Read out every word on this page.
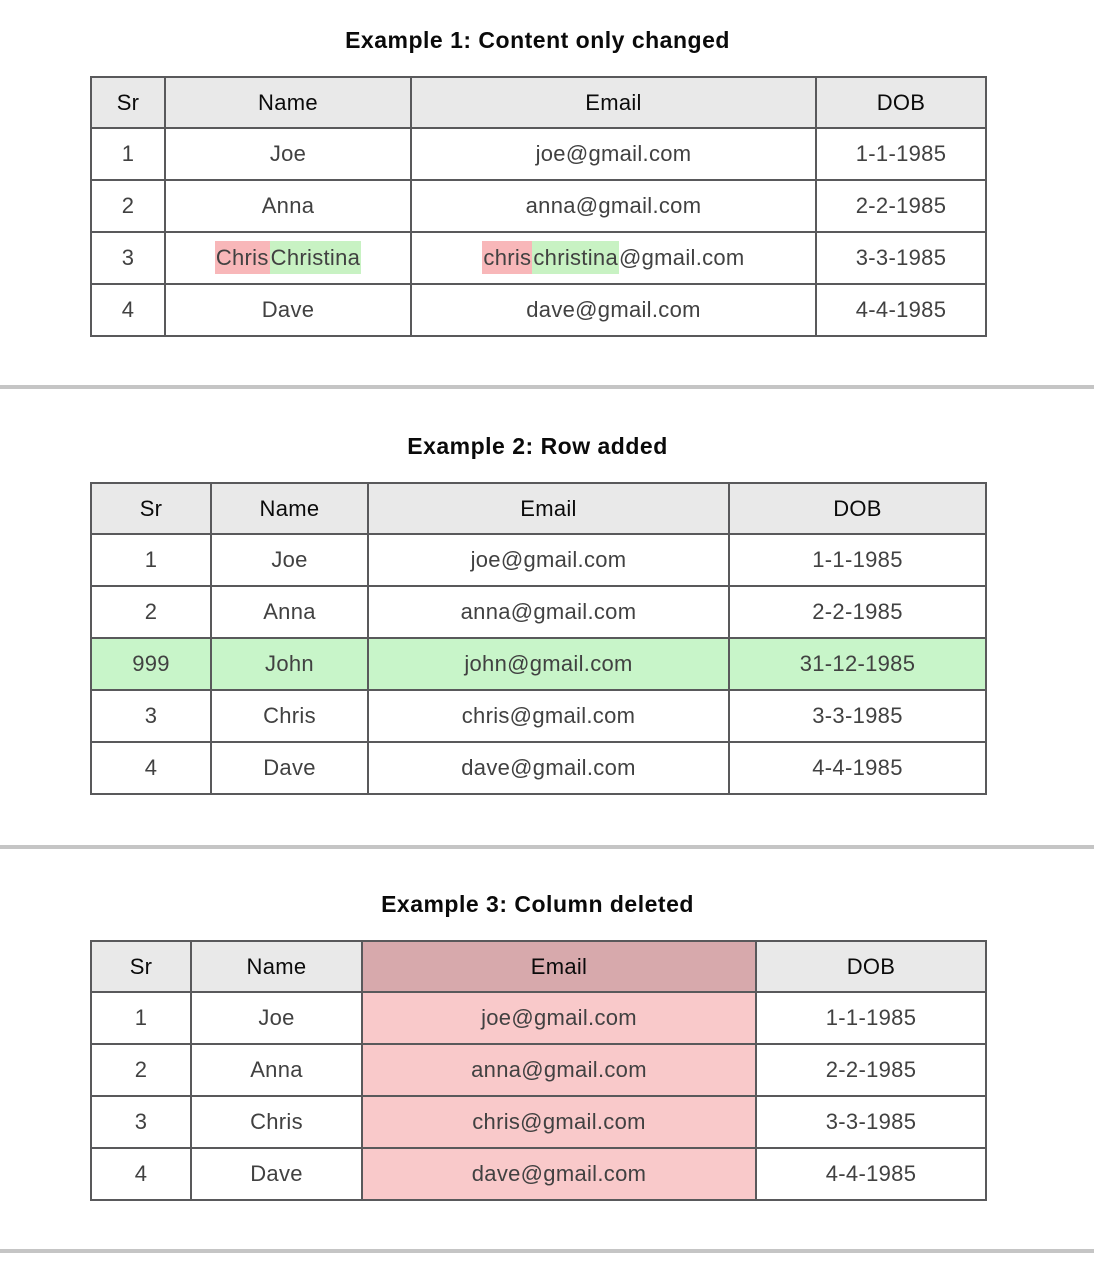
Example 1: Content only changed
Sr	Name	Email	DOB
1	Joe	joe@gmail.com	1-1-1985
2	Anna	anna@gmail.com	2-2-1985
3	ChrisChristina	chrischristina@gmail.com	3-3-1985
4	Dave	dave@gmail.com	4-4-1985
Example 2: Row added
Sr	Name	Email	DOB
1	Joe	joe@gmail.com	1-1-1985
2	Anna	anna@gmail.com	2-2-1985
999	John	john@gmail.com	31-12-1985
3	Chris	chris@gmail.com	3-3-1985
4	Dave	dave@gmail.com	4-4-1985
Example 3: Column deleted
Sr	Name	Email	DOB
1	Joe	joe@gmail.com	1-1-1985
2	Anna	anna@gmail.com	2-2-1985
3	Chris	chris@gmail.com	3-3-1985
4	Dave	dave@gmail.com	4-4-1985
